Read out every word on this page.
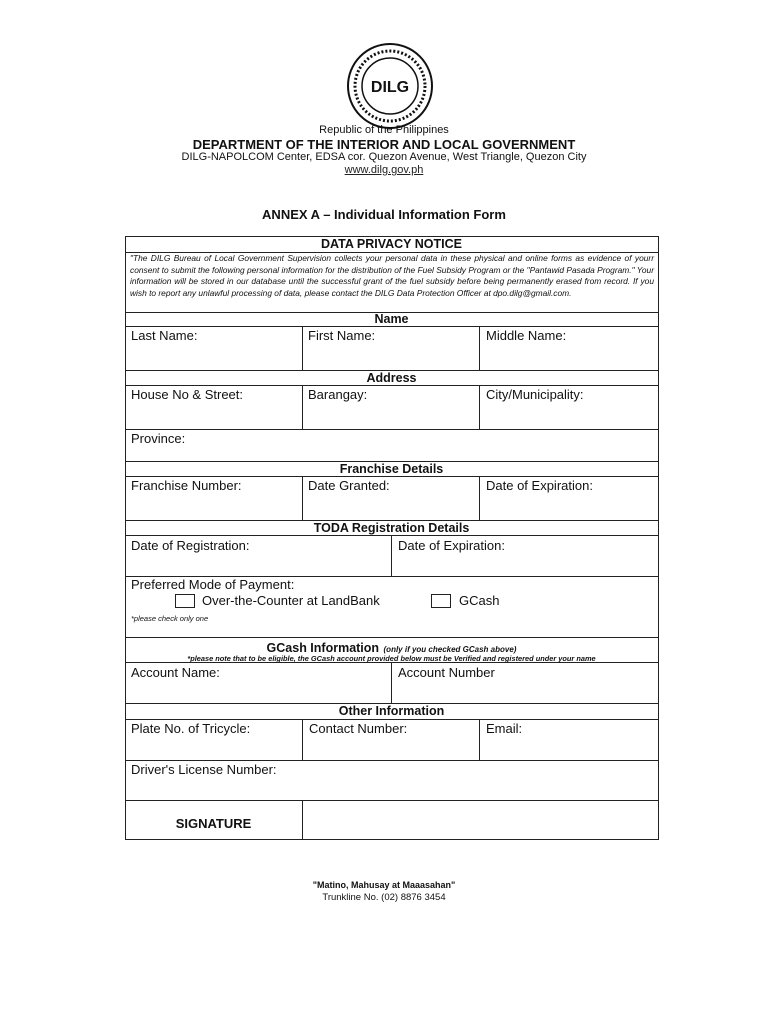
DILG
Republic of the Philippines
DEPARTMENT OF THE INTERIOR AND LOCAL GOVERNMENT
DILG-NAPOLCOM Center, EDSA cor. Quezon Avenue, West Triangle, Quezon City
www.dilg.gov.ph
ANNEX A – Individual Information Form
DATA PRIVACY NOTICE
"The DILG Bureau of Local Government Supervision collects your personal data in these physical and online forms as evidence of yourr consent to submit the following personal information for the distribution of the Fuel Subsidy Program or the "Pantawid Pasada Program." Your information will be stored in our database until the successful grant of the fuel subsidy before being permanently erased from record. If you wish to report any unlawful processing of data, please contact the DILG Data Protection Officer at dpo.dilg@gmail.com.
Name
Last Name:	First Name:	Middle Name:
Address
House No & Street:	Barangay:	City/Municipality:
Province:
Franchise Details
Franchise Number:	Date Granted:	Date of Expiration:
TODA Registration Details
Date of Registration:	Date of Expiration:
Preferred Mode of Payment:
Over-the-Counter at LandBank	GCash
*please check only one
GCash Information (only if you checked GCash above)
*please note that to be eligible, the GCash account provided below must be Verified and registered under your name
Account Name:	Account Number
Other Information
Plate No. of Tricycle:	Contact Number:	Email:
Driver's License Number:
SIGNATURE
"Matino, Mahusay at Maaasahan"
Trunkline No. (02) 8876 3454
